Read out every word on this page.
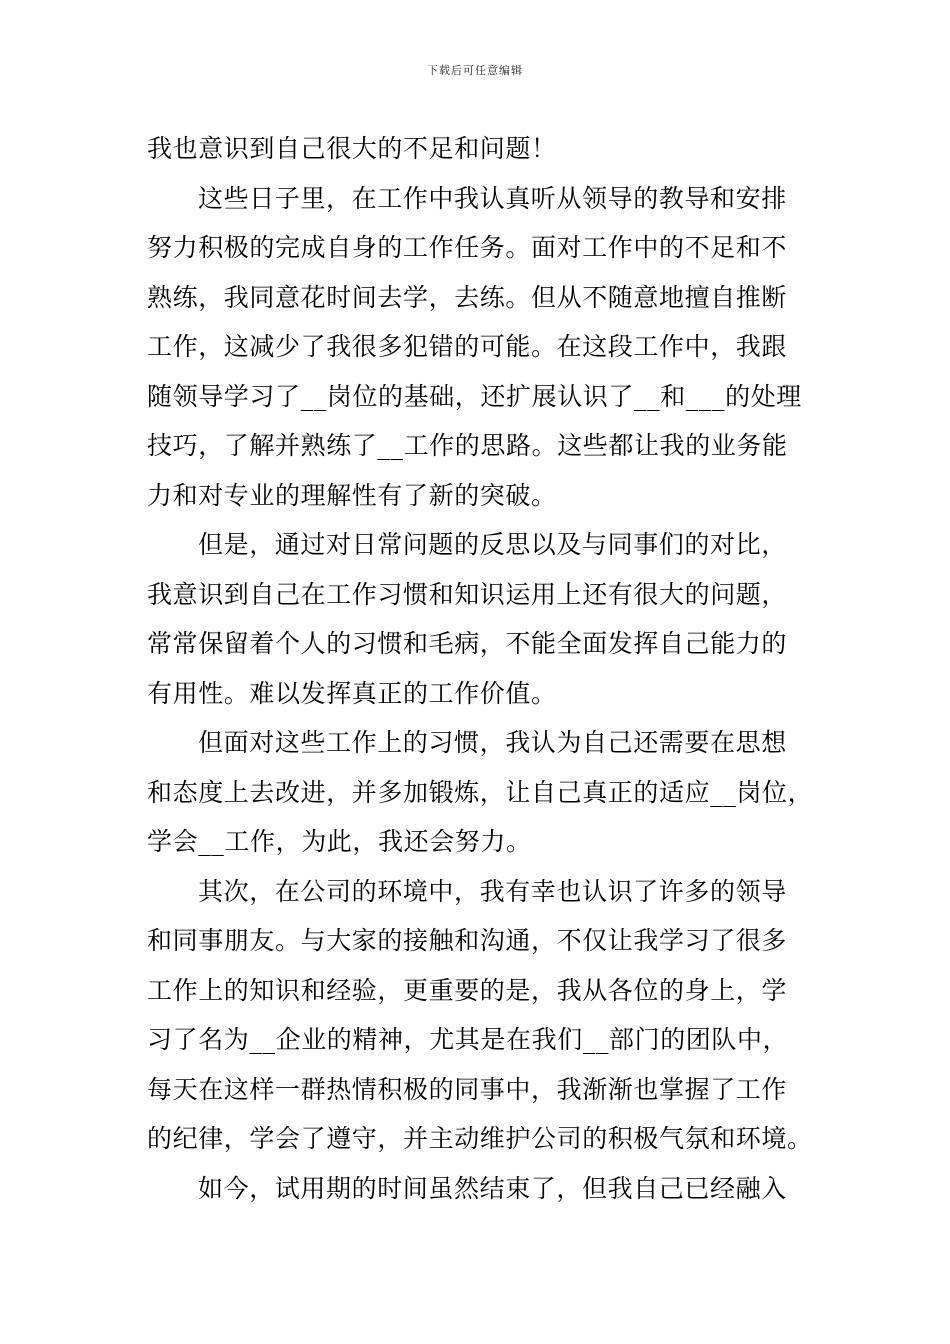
下载后可任意编辑
我也意识到自己很大的不足和问题！
这些日子里，在工作中我认真听从领导的教导和安排
努力积极的完成自身的工作任务。面对工作中的不足和不
熟练，我同意花时间去学，去练。但从不随意地擅自推断
工作，这减少了我很多犯错的可能。在这段工作中，我跟
随领导学习了__岗位的基础，还扩展认识了__和___的处理
技巧，了解并熟练了__工作的思路。这些都让我的业务能
力和对专业的理解性有了新的突破。
但是，通过对日常问题的反思以及与同事们的对比，
我意识到自己在工作习惯和知识运用上还有很大的问题，
常常保留着个人的习惯和毛病，不能全面发挥自己能力的
有用性。难以发挥真正的工作价值。
但面对这些工作上的习惯，我认为自己还需要在思想
和态度上去改进，并多加锻炼，让自己真正的适应__岗位，
学会__工作，为此，我还会努力。
其次，在公司的环境中，我有幸也认识了许多的领导
和同事朋友。与大家的接触和沟通，不仅让我学习了很多
工作上的知识和经验，更重要的是，我从各位的身上，学
习了名为__企业的精神，尤其是在我们__部门的团队中，
每天在这样一群热情积极的同事中，我渐渐也掌握了工作
的纪律，学会了遵守，并主动维护公司的积极气氛和环境。
如今，试用期的时间虽然结束了，但我自己已经融入
